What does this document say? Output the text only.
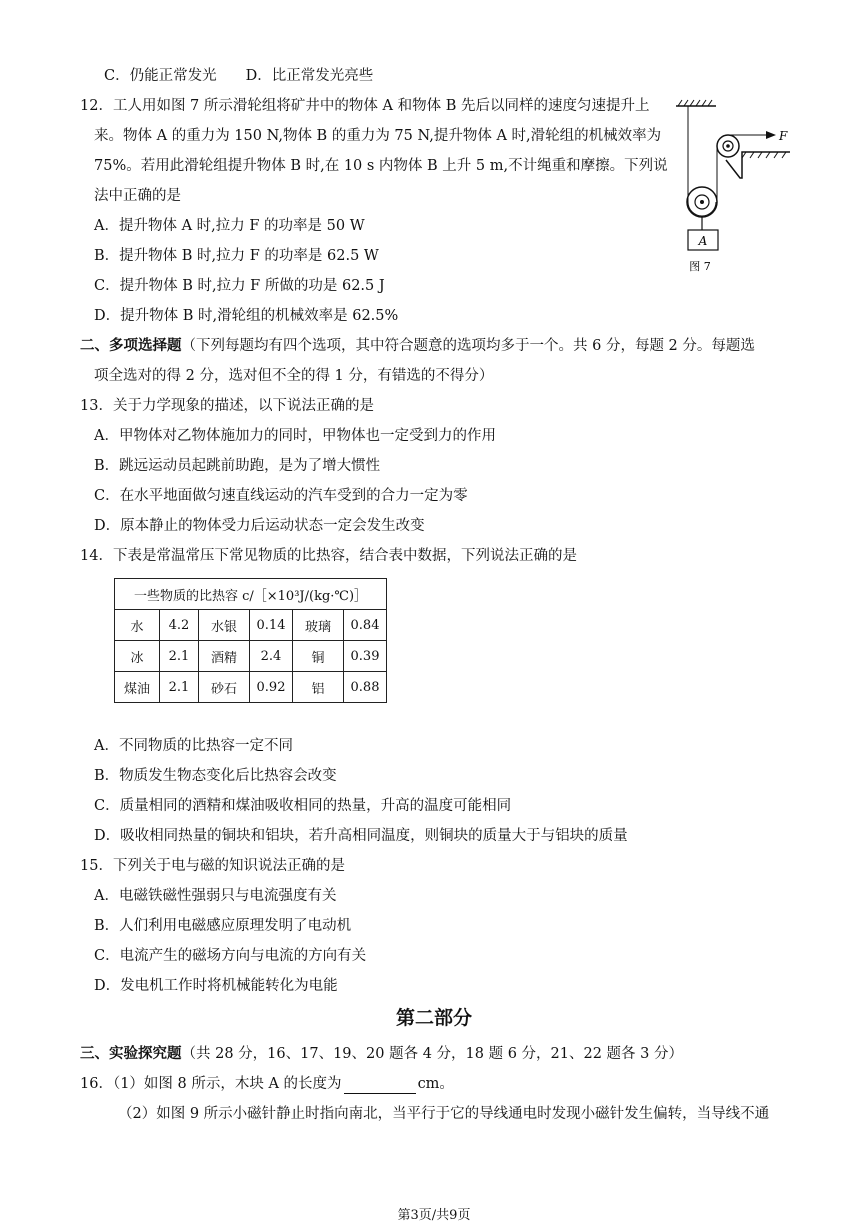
C．仍能正常发光　　D．比正常发光亮些
12．工人用如图 7 所示滑轮组将矿井中的物体 A 和物体 B 先后以同样的速度匀速提升上
来。物体 A 的重力为 150 N,物体 B 的重力为 75 N,提升物体 A 时,滑轮组的机械效率为
75%。若用此滑轮组提升物体 B 时,在 10 s 内物体 B 上升 5 m,不计绳重和摩擦。下列说
法中正确的是
A．提升物体 A 时,拉力 F 的功率是 50 W
B．提升物体 B 时,拉力 F 的功率是 62.5 W
C．提升物体 B 时,拉力 F 所做的功是 62.5 J
D．提升物体 B 时,滑轮组的机械效率是 62.5%
F
A
图 7
二、多项选择题（下列每题均有四个选项，其中符合题意的选项均多于一个。共 6 分，每题 2 分。每题选
项全选对的得 2 分，选对但不全的得 1 分，有错选的不得分）
13．关于力学现象的描述，以下说法正确的是
A．甲物体对乙物体施加力的同时，甲物体也一定受到力的作用
B．跳远运动员起跳前助跑，是为了增大惯性
C．在水平地面做匀速直线运动的汽车受到的合力一定为零
D．原本静止的物体受力后运动状态一定会发生改变
14．下表是常温常压下常见物质的比热容，结合表中数据，下列说法正确的是
一些物质的比热容 c/［×10³J/(kg·℃)］					
水	4.2	水银	0.14	玻璃	0.84
冰	2.1	酒精	2.4	铜	0.39
煤油	2.1	砂石	0.92	铝	0.88
A．不同物质的比热容一定不同
B．物质发生物态变化后比热容会改变
C．质量相同的酒精和煤油吸收相同的热量，升高的温度可能相同
D．吸收相同热量的铜块和铝块，若升高相同温度，则铜块的质量大于与铝块的质量
15．下列关于电与磁的知识说法正确的是
A．电磁铁磁性强弱只与电流强度有关
B．人们利用电磁感应原理发明了电动机
C．电流产生的磁场方向与电流的方向有关
D．发电机工作时将机械能转化为电能
第二部分
三、实验探究题（共 28 分，16、17、19、20 题各 4 分，18 题 6 分，21、22 题各 3 分）
16．（1）如图 8 所示，木块 A 的长度为	cm。
（2）如图 9 所示小磁针静止时指向南北，当平行于它的导线通电时发现小磁针发生偏转，当导线不通
第3页/共9页
